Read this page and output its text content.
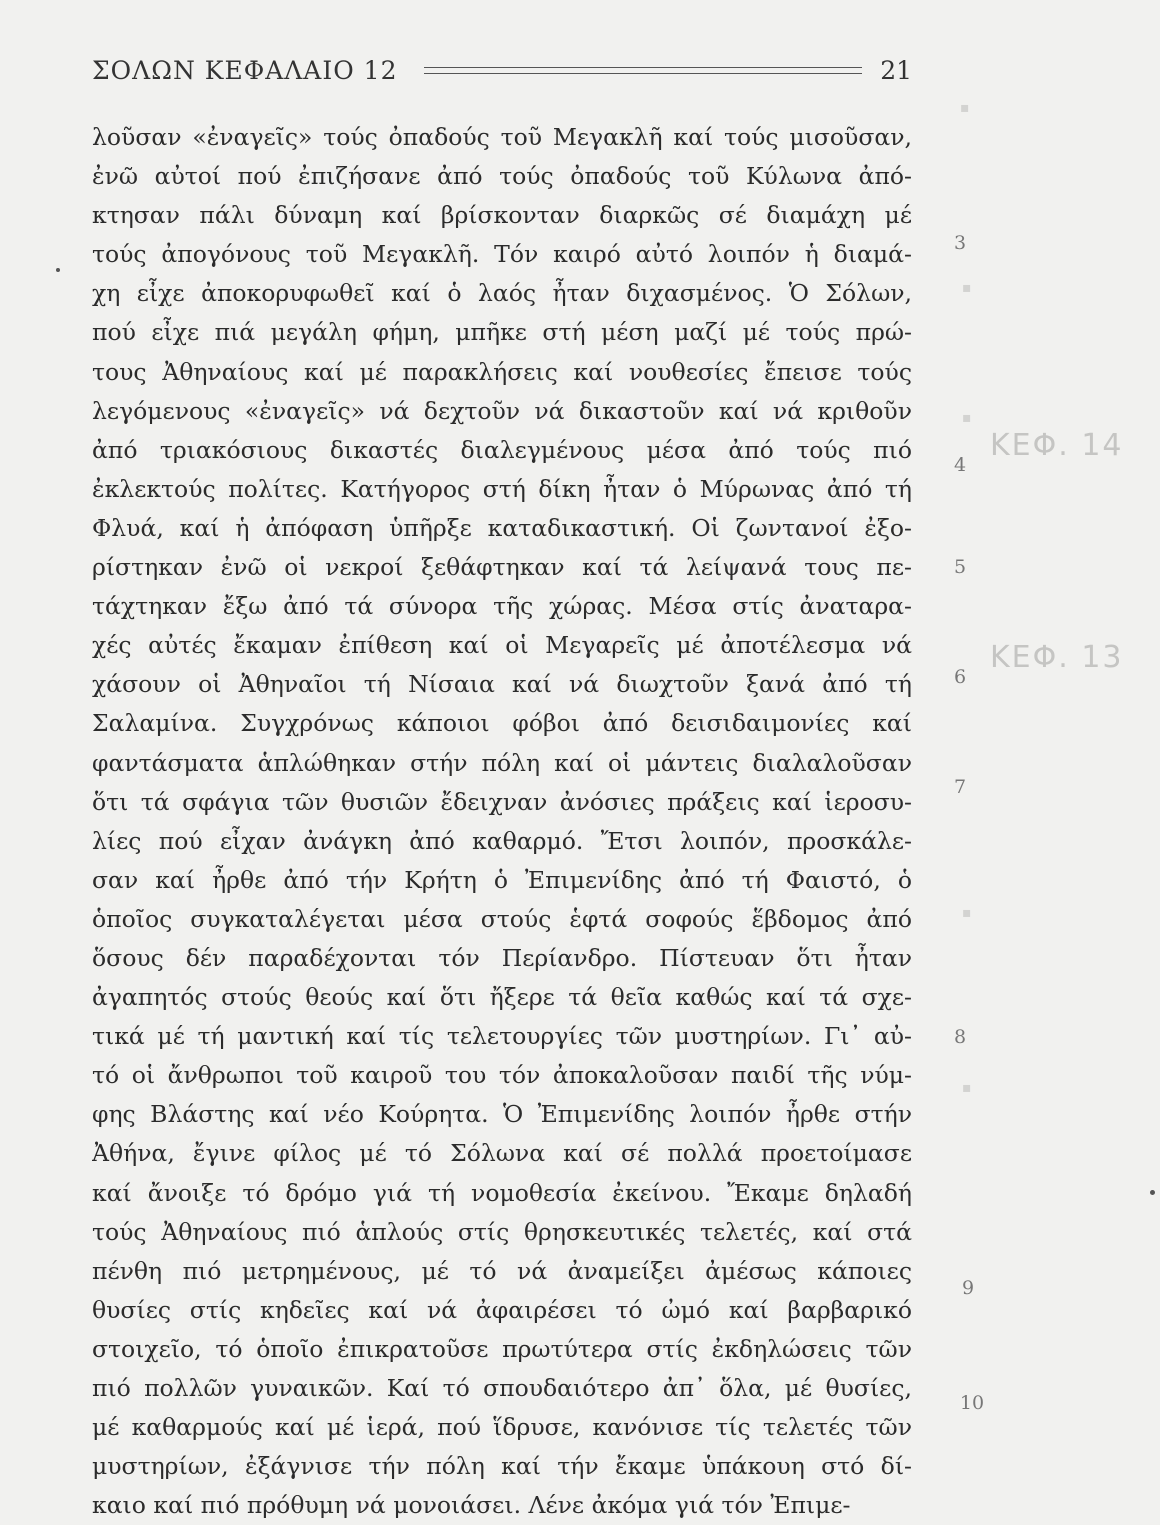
ΚΕΦ. 14
ΚΕΦ. 13
▪
▪
▪
▪
▪
ΣΟΛΩΝ ΚΕΦΑΛΑΙΟ 12	21
λοῦσαν «ἐναγεῖς» τούς ὀπαδούς τοῦ Μεγακλῆ καί τούς μισοῦσαν,
ἐνῶ αὐτοί πού ἐπιζήσανε ἀπό τούς ὀπαδούς τοῦ Κύλωνα ἀπό-
κτησαν πάλι δύναμη καί βρίσκονταν διαρκῶς σέ διαμάχη μέ
τούς ἀπογόνους τοῦ Μεγακλῆ. Τόν καιρό αὐτό λοιπόν ἡ διαμά-
χη εἶχε ἀποκορυφωθεῖ καί ὁ λαός ἦταν διχασμένος. Ὁ Σόλων,
πού εἶχε πιά μεγάλη φήμη, μπῆκε στή μέση μαζί μέ τούς πρώ-
τους Ἀθηναίους καί μέ παρακλήσεις καί νουθεσίες ἔπεισε τούς
λεγόμενους «ἐναγεῖς» νά δεχτοῦν νά δικαστοῦν καί νά κριθοῦν
ἀπό τριακόσιους δικαστές διαλεγμένους μέσα ἀπό τούς πιό
ἐκλεκτούς πολίτες. Κατήγορος στή δίκη ἦταν ὁ Μύρωνας ἀπό τή
Φλυά, καί ἡ ἀπόφαση ὑπῆρξε καταδικαστική. Οἱ ζωντανοί ἐξο-
ρίστηκαν ἐνῶ οἱ νεκροί ξεθάφτηκαν καί τά λείψανά τους πε-
τάχτηκαν ἔξω ἀπό τά σύνορα τῆς χώρας. Μέσα στίς ἀναταρα-
χές αὐτές ἔκαμαν ἐπίθεση καί οἱ Μεγαρεῖς μέ ἀποτέλεσμα νά
χάσουν οἱ Ἀθηναῖοι τή Νίσαια καί νά διωχτοῦν ξανά ἀπό τή
Σαλαμίνα. Συγχρόνως κάποιοι φόβοι ἀπό δεισιδαιμονίες καί
φαντάσματα ἁπλώθηκαν στήν πόλη καί οἱ μάντεις διαλαλοῦσαν
ὅτι τά σφάγια τῶν θυσιῶν ἔδειχναν ἀνόσιες πράξεις καί ἱεροσυ-
λίες πού εἶχαν ἀνάγκη ἀπό καθαρμό. Ἔτσι λοιπόν, προσκάλε-
σαν καί ἦρθε ἀπό τήν Κρήτη ὁ Ἐπιμενίδης ἀπό τή Φαιστό, ὁ
ὁποῖος συγκαταλέγεται μέσα στούς ἑφτά σοφούς ἕβδομος ἀπό
ὅσους δέν παραδέχονται τόν Περίανδρο. Πίστευαν ὅτι ἦταν
ἀγαπητός στούς θεούς καί ὅτι ἤξερε τά θεῖα καθώς καί τά σχε-
τικά μέ τή μαντική καί τίς τελετουργίες τῶν μυστηρίων. Γι᾽ αὐ-
τό οἱ ἄνθρωποι τοῦ καιροῦ του τόν ἀποκαλοῦσαν παιδί τῆς νύμ-
φης Βλάστης καί νέο Κούρητα. Ὁ Ἐπιμενίδης λοιπόν ἦρθε στήν
Ἀθήνα, ἔγινε φίλος μέ τό Σόλωνα καί σέ πολλά προετοίμασε
καί ἄνοιξε τό δρόμο γιά τή νομοθεσία ἐκείνου. Ἔκαμε δηλαδή
τούς Ἀθηναίους πιό ἁπλούς στίς θρησκευτικές τελετές, καί στά
πένθη πιό μετρημένους, μέ τό νά ἀναμείξει ἀμέσως κάποιες
θυσίες στίς κηδεῖες καί νά ἀφαιρέσει τό ὠμό καί βαρβαρικό
στοιχεῖο, τό ὁποῖο ἐπικρατοῦσε πρωτύτερα στίς ἐκδηλώσεις τῶν
πιό πολλῶν γυναικῶν. Καί τό σπουδαιότερο ἀπ᾽ ὅλα, μέ θυσίες,
μέ καθαρμούς καί μέ ἱερά, πού ἵδρυσε, κανόνισε τίς τελετές τῶν
μυστηρίων, ἐξάγνισε τήν πόλη καί τήν ἔκαμε ὑπάκουη στό δί-
καιο καί πιό πρόθυμη νά μονοιάσει. Λένε ἀκόμα γιά τόν Ἐπιμε-
3
4
5
6
7
8
9
10
